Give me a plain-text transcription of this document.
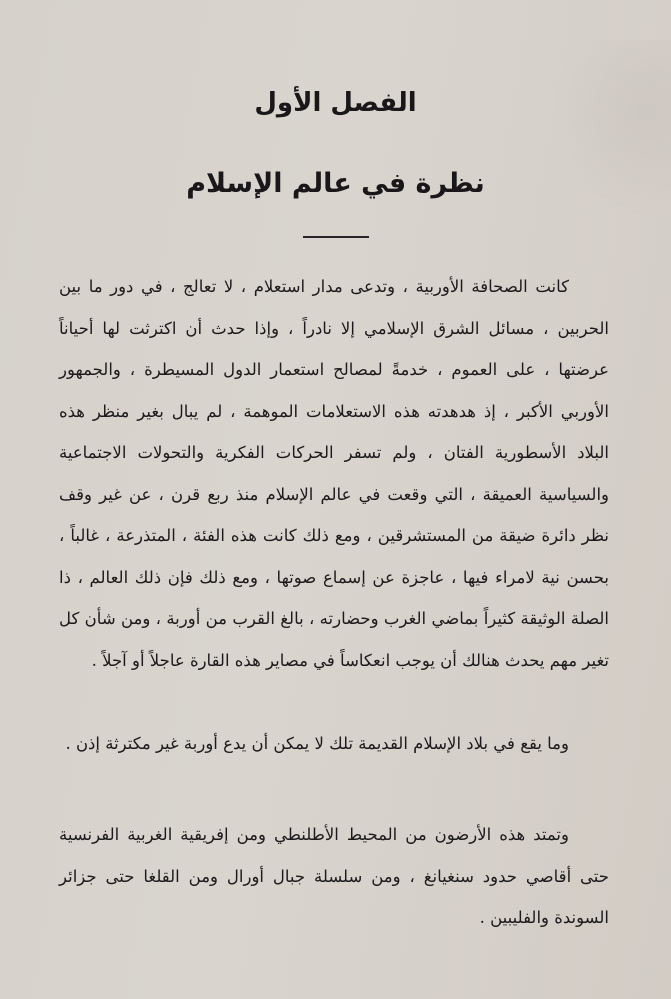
الفصل الأول
نظرة في عالم الإسلام
كانت الصحافة الأوربية ، وتدعى مدار استعلام ، لا تعالج ، في دور ما بين الحربين ، مسائل الشرق الإسلامي إلا نادراً ، وإذا حدث أن اكترثت لها أحياناً عرضتها ، على العموم ، خدمةً لمصالح استعمار الدول المسيطرة ، والجمهور الأوربي الأكبر ، إذ هدهدته هذه الاستعلامات الموهمة ، لم يبال بغير منظر هذه البلاد الأسطورية الفتان ، ولم تسفر الحركات الفكرية والتحولات الاجتماعية والسياسية العميقة ، التي وقعت في عالم الإسلام منذ ربع قرن ، عن غير وقف نظر دائرة ضيقة من المستشرقين ، ومع ذلك كانت هذه الفئة ، المتذرعة ، غالباً ، بحسن نية لامراء فيها ، عاجزة عن إسماع صوتها ، ومع ذلك فإن ذلك العالم ، ذا الصلة الوثيقة كثيراً بماضي الغرب وحضارته ، بالغ القرب من أوربة ، ومن شأن كل تغير مهم يحدث هنالك أن يوجب انعكاساً في مصاير هذه القارة عاجلاً أو آجلاً .
وما يقع في بلاد الإسلام القديمة تلك لا يمكن أن يدع أوربة غير مكترثة إذن .
وتمتد هذه الأرضون من المحيط الأطلنطي ومن إفريقية الغربية الفرنسية حتى أقاصي حدود سنغيانغ ، ومن سلسلة جبال أورال ومن القلغا حتى جزائر السوندة والفليبين .
